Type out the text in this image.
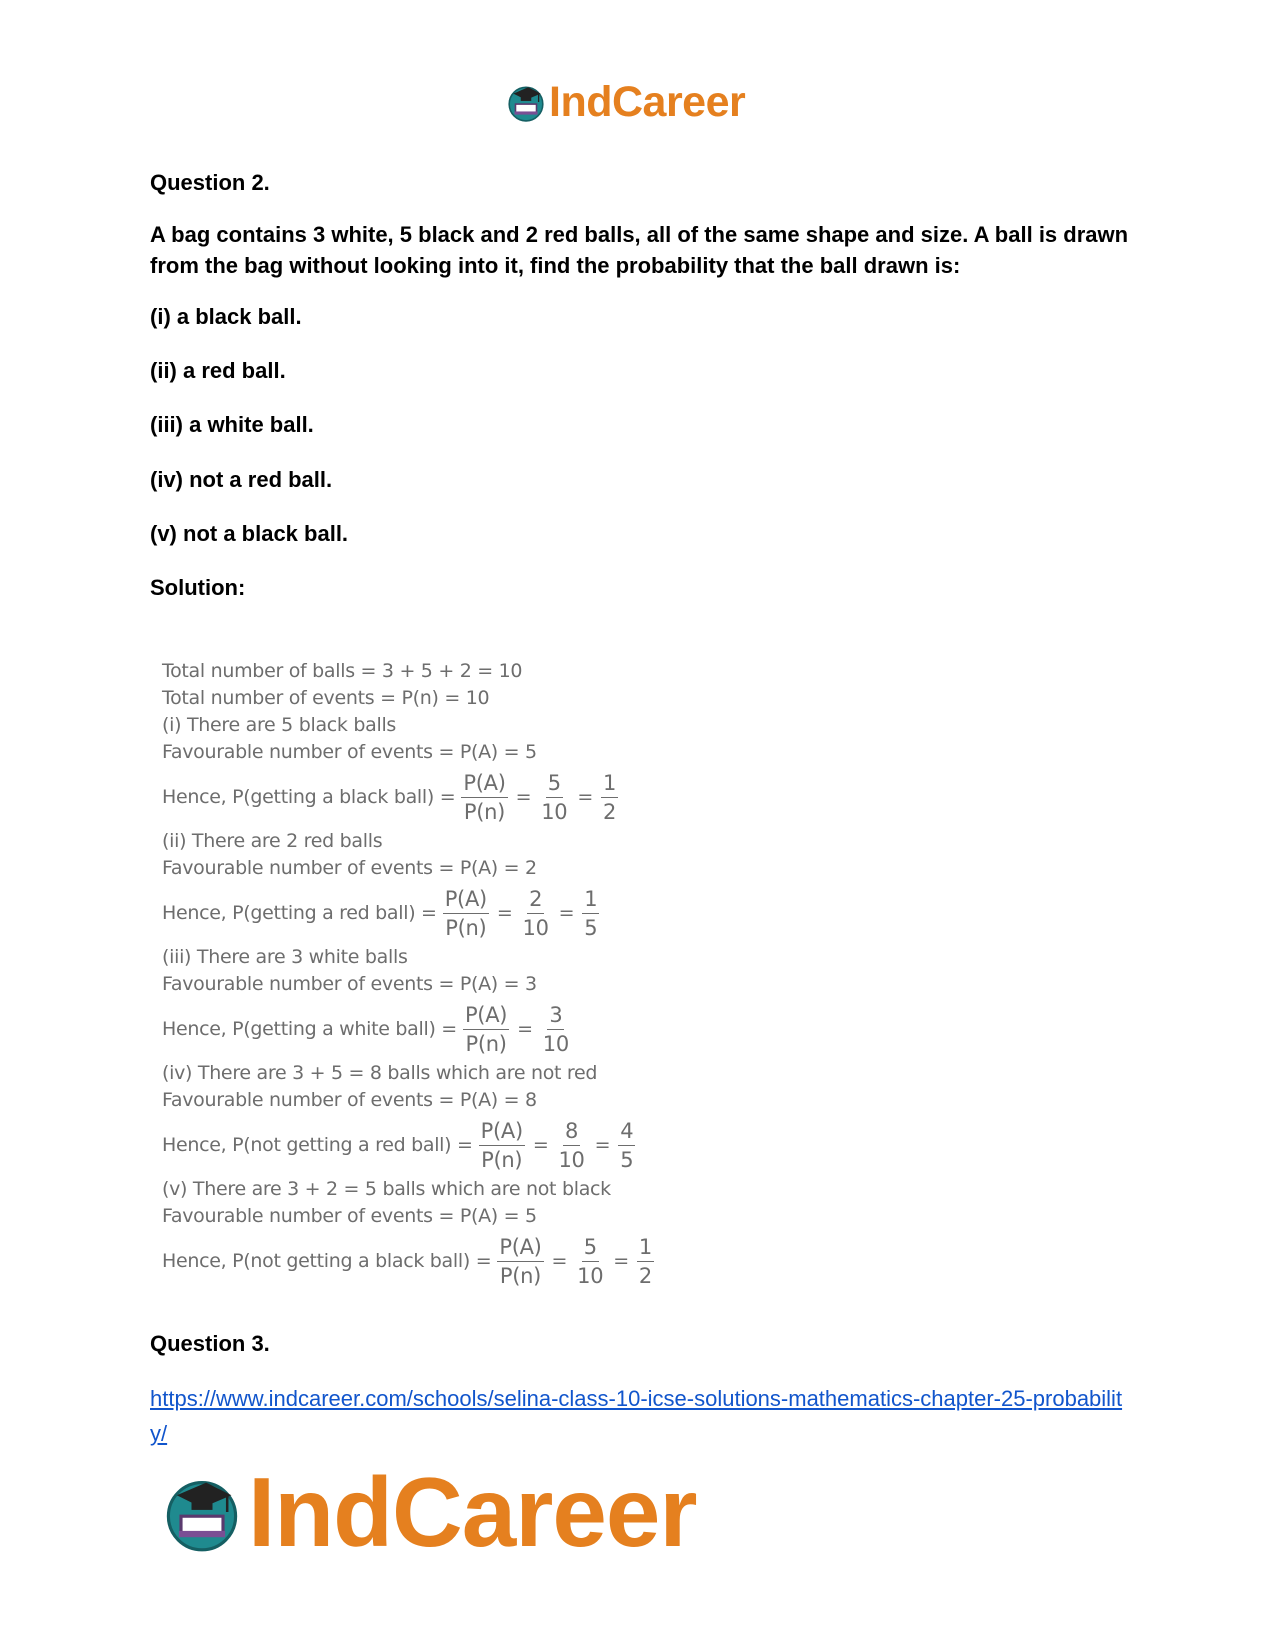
IndCareer
Question 2.
A bag contains 3 white, 5 black and 2 red balls, all of the same shape and size. A ball is drawn from the bag without looking into it, find the probability that the ball drawn is:
(i) a black ball.
(ii) a red ball.
(iii) a white ball.
(iv) not a red ball.
(v) not a black ball.
Solution:
Total number of balls = 3 + 5 + 2 = 10
Total number of events = P(n) = 10
(i) There are 5 black balls
Favourable number of events = P(A) = 5
Hence, P(getting a black ball) = $\frac{P(A)}{P(n)} = \frac{5}{10} = \frac{1}{2}$
(ii) There are 2 red balls
Favourable number of events = P(A) = 2
Hence, P(getting a red ball) = $\frac{P(A)}{P(n)} = \frac{2}{10} = \frac{1}{5}$
(iii) There are 3 white balls
Favourable number of events = P(A) = 3
Hence, P(getting a white ball) = $\frac{P(A)}{P(n)} = \frac{3}{10}$
(iv) There are 3 + 5 = 8 balls which are not red
Favourable number of events = P(A) = 8
Hence, P(not getting a red ball) = $\frac{P(A)}{P(n)} = \frac{8}{10} = \frac{4}{5}$
(v) There are 3 + 2 = 5 balls which are not black
Favourable number of events = P(A) = 5
Hence, P(not getting a black ball) = $\frac{P(A)}{P(n)} = \frac{5}{10} = \frac{1}{2}$
Question 3.
https://www.indcareer.com/schools/selina-class-10-icse-solutions-mathematics-chapter-25-probability/
IndCareer
